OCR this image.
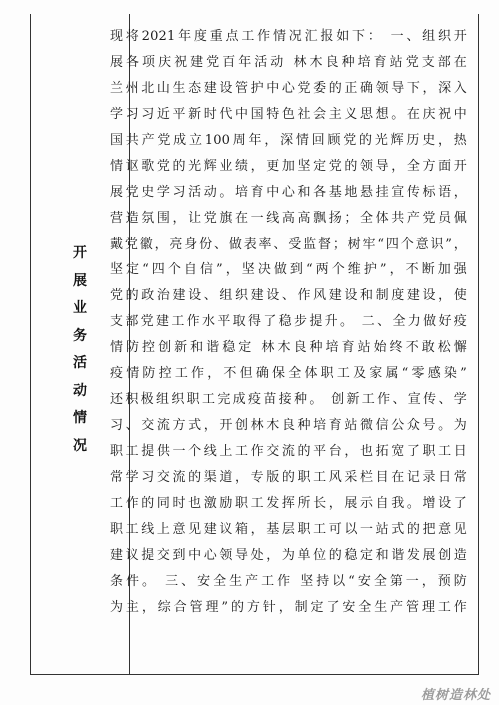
开
展
业
务
活
动
情
况
现将2021年度重点工作情况汇报如下： 一、组织开
展各项庆祝建党百年活动 林木良种培育站党支部在
兰州北山生态建设管护中心党委的正确领导下，深入
学习习近平新时代中国特色社会主义思想。在庆祝中
国共产党成立100周年，深情回顾党的光辉历史，热
情讴歌党的光辉业绩，更加坚定党的领导，全方面开
展党史学习活动。培育中心和各基地悬挂宣传标语，
营造氛围，让党旗在一线高高飘扬；全体共产党员佩
戴党徽，亮身份、做表率、受监督；树牢“四个意识”，
坚定“四个自信”，坚决做到“两个维护”，不断加强
党的政治建设、组织建设、作风建设和制度建设，使
支部党建工作水平取得了稳步提升。 二、全力做好疫
情防控创新和谐稳定 林木良种培育站始终不敢松懈
疫情防控工作，不但确保全体职工及家属“零感染”
还积极组织职工完成疫苗接种。 创新工作、宣传、学
习、交流方式，开创林木良种培育站微信公众号。为
职工提供一个线上工作交流的平台，也拓宽了职工日
常学习交流的渠道，专版的职工风采栏目在记录日常
工作的同时也激励职工发挥所长，展示自我。增设了
职工线上意见建议箱，基层职工可以一站式的把意见
建议提交到中心领导处，为单位的稳定和谐发展创造
条件。 三、安全生产工作 坚持以“安全第一，预防
为主，综合管理”的方针，制定了安全生产管理工作
植树造林处
